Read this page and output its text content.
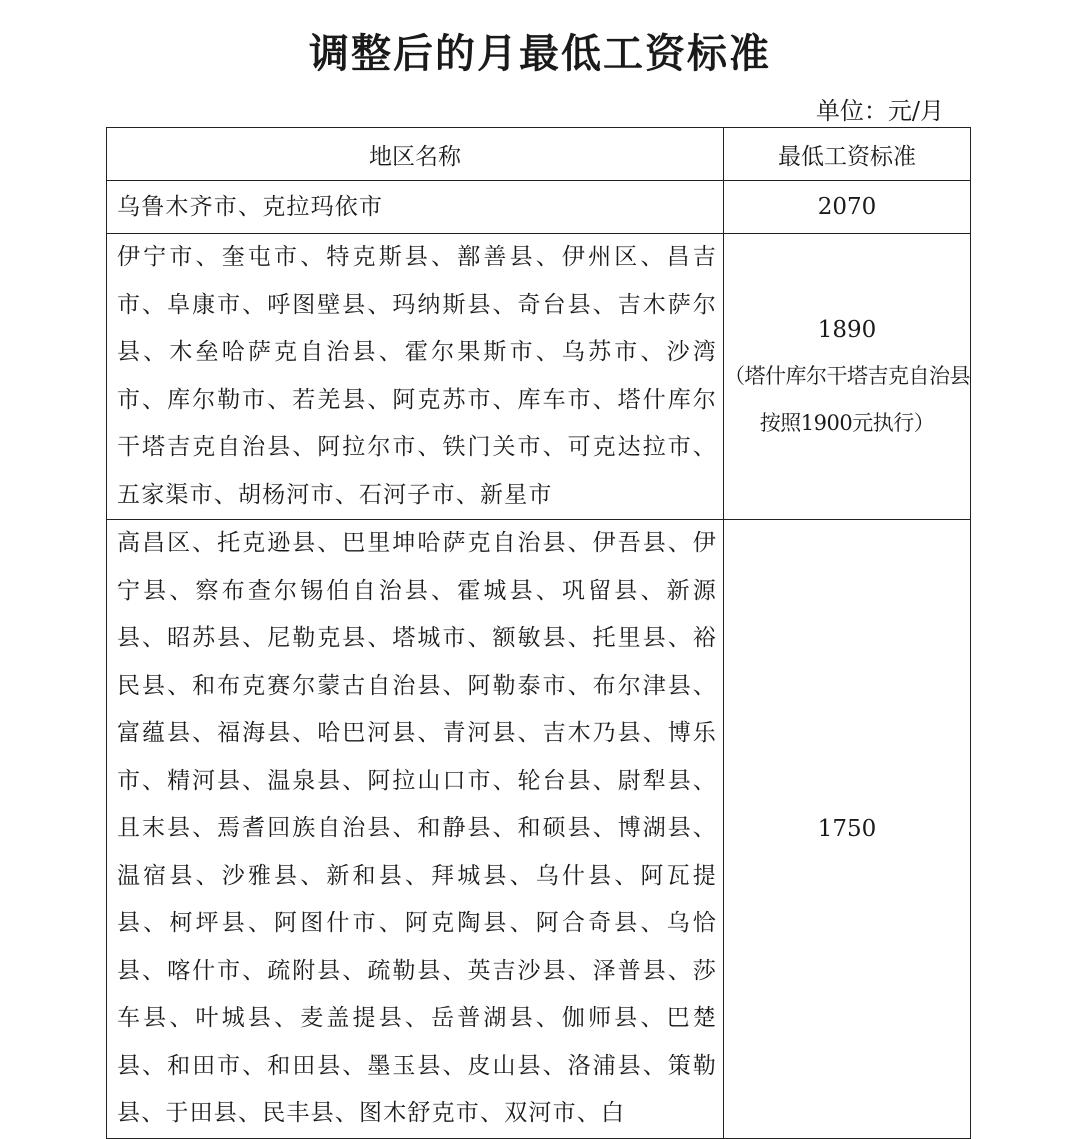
调整后的月最低工资标准
单位：元/月
地区名称	最低工资标准
乌鲁木齐市、克拉玛依市	2070
伊宁市、奎屯市、特克斯县、鄯善县、伊州区、昌吉市、阜康市、呼图壁县、玛纳斯县、奇台县、吉木萨尔县、木垒哈萨克自治县、霍尔果斯市、乌苏市、沙湾市、库尔勒市、若羌县、阿克苏市、库车市、塔什库尔干塔吉克自治县、阿拉尔市、铁门关市、可克达拉市、五家渠市、胡杨河市、石河子市、新星市	1890
（塔什库尔干塔吉克自治县按照1900元执行）

高昌区、托克逊县、巴里坤哈萨克自治县、伊吾县、伊宁县、察布查尔锡伯自治县、霍城县、巩留县、新源县、昭苏县、尼勒克县、塔城市、额敏县、托里县、裕民县、和布克赛尔蒙古自治县、阿勒泰市、布尔津县、富蕴县、福海县、哈巴河县、青河县、吉木乃县、博乐市、精河县、温泉县、阿拉山口市、轮台县、尉犁县、且末县、焉耆回族自治县、和静县、和硕县、博湖县、温宿县、沙雅县、新和县、拜城县、乌什县、阿瓦提县、柯坪县、阿图什市、阿克陶县、阿合奇县、乌恰县、喀什市、疏附县、疏勒县、英吉沙县、泽普县、莎车县、叶城县、麦盖提县、岳普湖县、伽师县、巴楚县、和田市、和田县、墨玉县、皮山县、洛浦县、策勒县、于田县、民丰县、图木舒克市、双河市、白	1750
